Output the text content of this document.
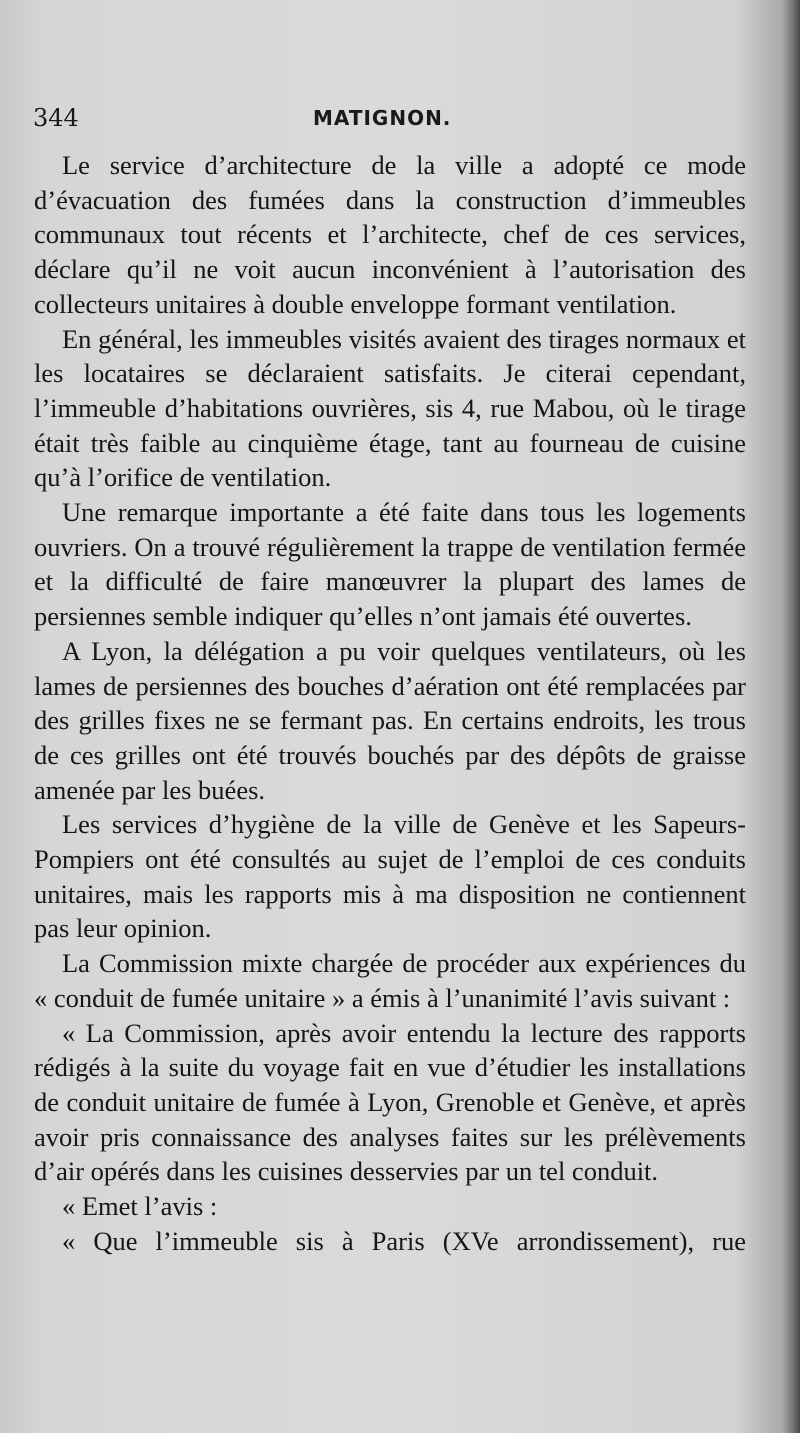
344	MATIGNON.

Le service d’architecture de la ville a adopté ce mode d’évacuation des fumées dans la construction d’immeubles communaux tout récents et l’architecte, chef de ces services, déclare qu’il ne voit aucun inconvénient à l’autorisation des collecteurs unitaires à double enveloppe formant ventilation.

En général, les immeubles visités avaient des tirages normaux et les locataires se déclaraient satisfaits. Je citerai cependant, l’immeuble d’habitations ouvrières, sis 4, rue Mabou, où le tirage était très faible au cinquième étage, tant au fourneau de cuisine qu’à l’orifice de ventilation.

Une remarque importante a été faite dans tous les logements ouvriers. On a trouvé régulièrement la trappe de ventilation fermée et la difficulté de faire manœuvrer la plupart des lames de persiennes semble indiquer qu’elles n’ont jamais été ouvertes.

A Lyon, la délégation a pu voir quelques ventilateurs, où les lames de persiennes des bouches d’aération ont été remplacées par des grilles fixes ne se fermant pas. En certains endroits, les trous de ces grilles ont été trouvés bouchés par des dépôts de graisse amenée par les buées.

Les services d’hygiène de la ville de Genève et les Sapeurs-Pompiers ont été consultés au sujet de l’emploi de ces conduits unitaires, mais les rapports mis à ma disposition ne contiennent pas leur opinion.

La Commission mixte chargée de procéder aux expériences du « conduit de fumée unitaire » a émis à l’unanimité l’avis suivant :

« La Commission, après avoir entendu la lecture des rapports rédigés à la suite du voyage fait en vue d’étudier les installations de conduit unitaire de fumée à Lyon, Grenoble et Genève, et après avoir pris connaissance des analyses faites sur les prélèvements d’air opérés dans les cuisines desservies par un tel conduit.

« Emet l’avis :

« Que l’immeuble sis à Paris (XVe arrondissement), rue
